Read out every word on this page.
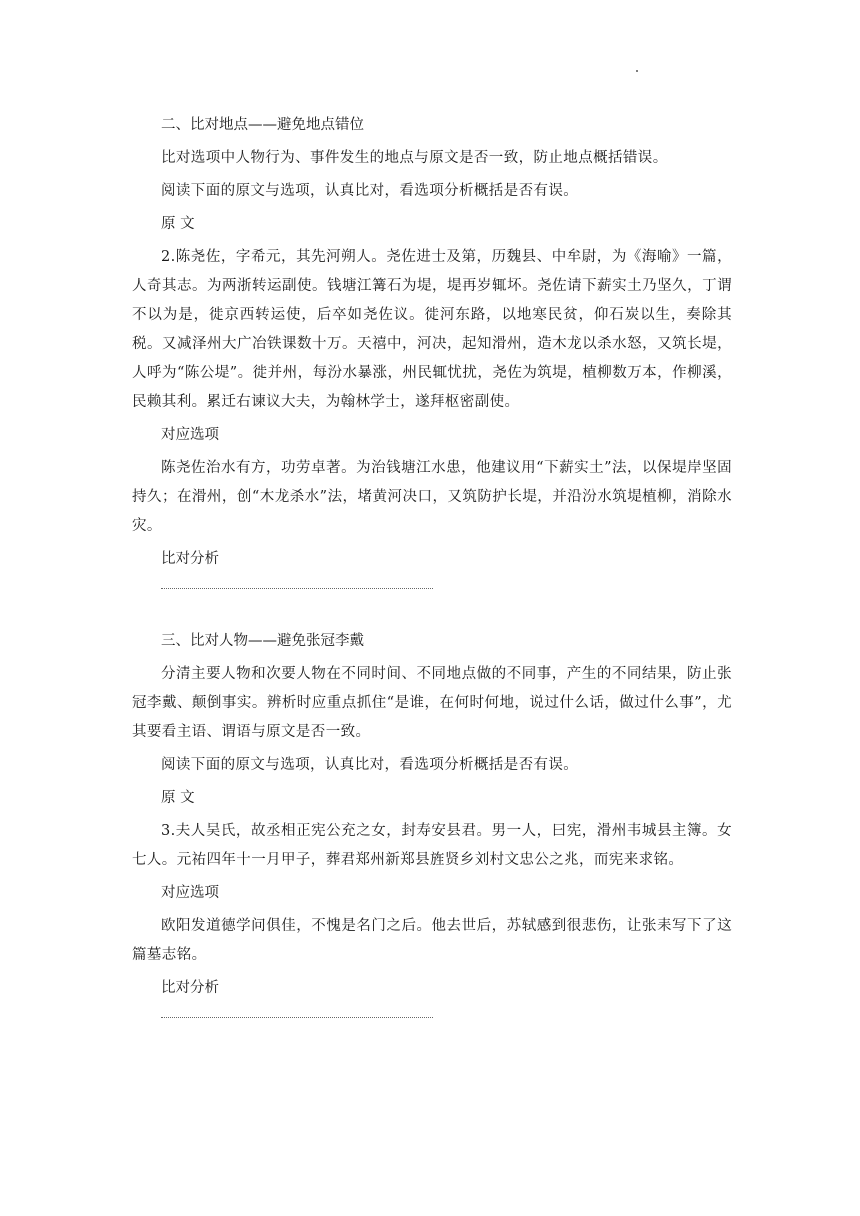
二、比对地点——避免地点错位

比对选项中人物行为、事件发生的地点与原文是否一致，防止地点概括错误。

阅读下面的原文与选项，认真比对，看选项分析概括是否有误。

原 文

2.陈尧佐，字希元，其先河朔人。尧佐进士及第，历魏县、中牟尉，为《海喻》一篇，人奇其志。为两浙转运副使。钱塘江篝石为堤，堤再岁辄坏。尧佐请下薪实土乃坚久，丁谓不以为是，徙京西转运使，后卒如尧佐议。徙河东路，以地寒民贫，仰石炭以生，奏除其税。又减泽州大广冶铁课数十万。天禧中，河决，起知滑州，造木龙以杀水怒，又筑长堤，人呼为“陈公堤”。徙并州，每汾水暴涨，州民辄忧扰，尧佐为筑堤，植柳数万本，作柳溪，民赖其利。累迁右谏议大夫，为翰林学士，遂拜枢密副使。

对应选项

陈尧佐治水有方，功劳卓著。为治钱塘江水患，他建议用“下薪实土”法，以保堤岸坚固持久；在滑州，创“木龙杀水”法，堵黄河决口，又筑防护长堤，并沿汾水筑堤植柳，消除水灾。

比对分析

三、比对人物——避免张冠李戴

分清主要人物和次要人物在不同时间、不同地点做的不同事，产生的不同结果，防止张冠李戴、颠倒事实。辨析时应重点抓住“是谁，在何时何地，说过什么话，做过什么事”，尤其要看主语、谓语与原文是否一致。

阅读下面的原文与选项，认真比对，看选项分析概括是否有误。

原 文

3.夫人吴氏，故丞相正宪公充之女，封寿安县君。男一人，曰宪，滑州韦城县主簿。女七人。元祐四年十一月甲子，葬君郑州新郑县旌贤乡刘村文忠公之兆，而宪来求铭。

对应选项

欧阳发道德学问俱佳，不愧是名门之后。他去世后，苏轼感到很悲伤，让张耒写下了这篇墓志铭。

比对分析
